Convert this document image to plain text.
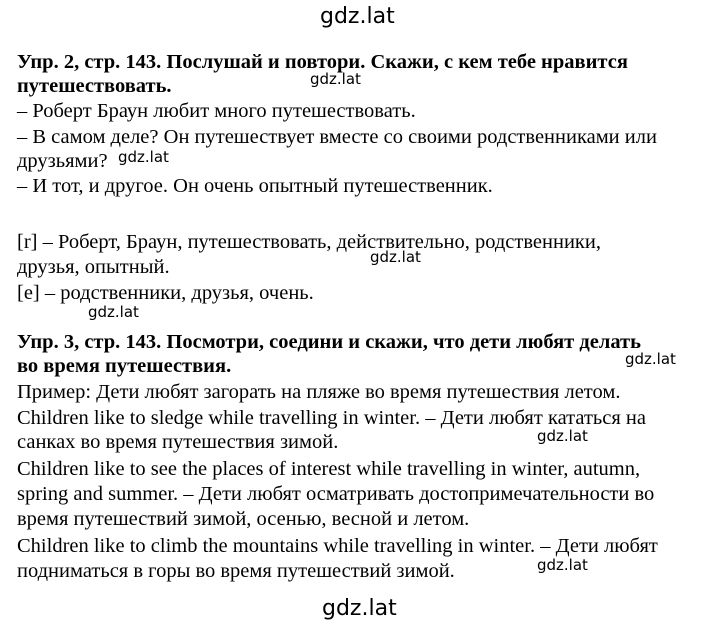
gdz.lat
Упр. 2, стр. 143. Послушай и повтори. Скажи, с кем тебе нравится
путешествовать.
– Роберт Браун любит много путешествовать.
– В самом деле? Он путешествует вместе со своими родственниками или
друзьями?
– И тот, и другое. Он очень опытный путешественник.
[r] – Роберт, Браун, путешествовать, действительно, родственники,
друзья, опытный.
[e] – родственники, друзья, очень.
Упр. 3, стр. 143. Посмотри, соедини и скажи, что дети любят делать
во время путешествия.
Пример: Дети любят загорать на пляже во время путешествия летом.
Children like to sledge while travelling in winter. – Дети любят кататься на
санках во время путешествия зимой.
Children like to see the places of interest while travelling in winter, autumn,
spring and summer. – Дети любят осматривать достопримечательности во
время путешествий зимой, осенью, весной и летом.
Children like to climb the mountains while travelling in winter. – Дети любят
подниматься в горы во время путешествий зимой.
gdz.lat
gdz.lat
gdz.lat
gdz.lat
gdz.lat
gdz.lat
gdz.lat
gdz.lat
